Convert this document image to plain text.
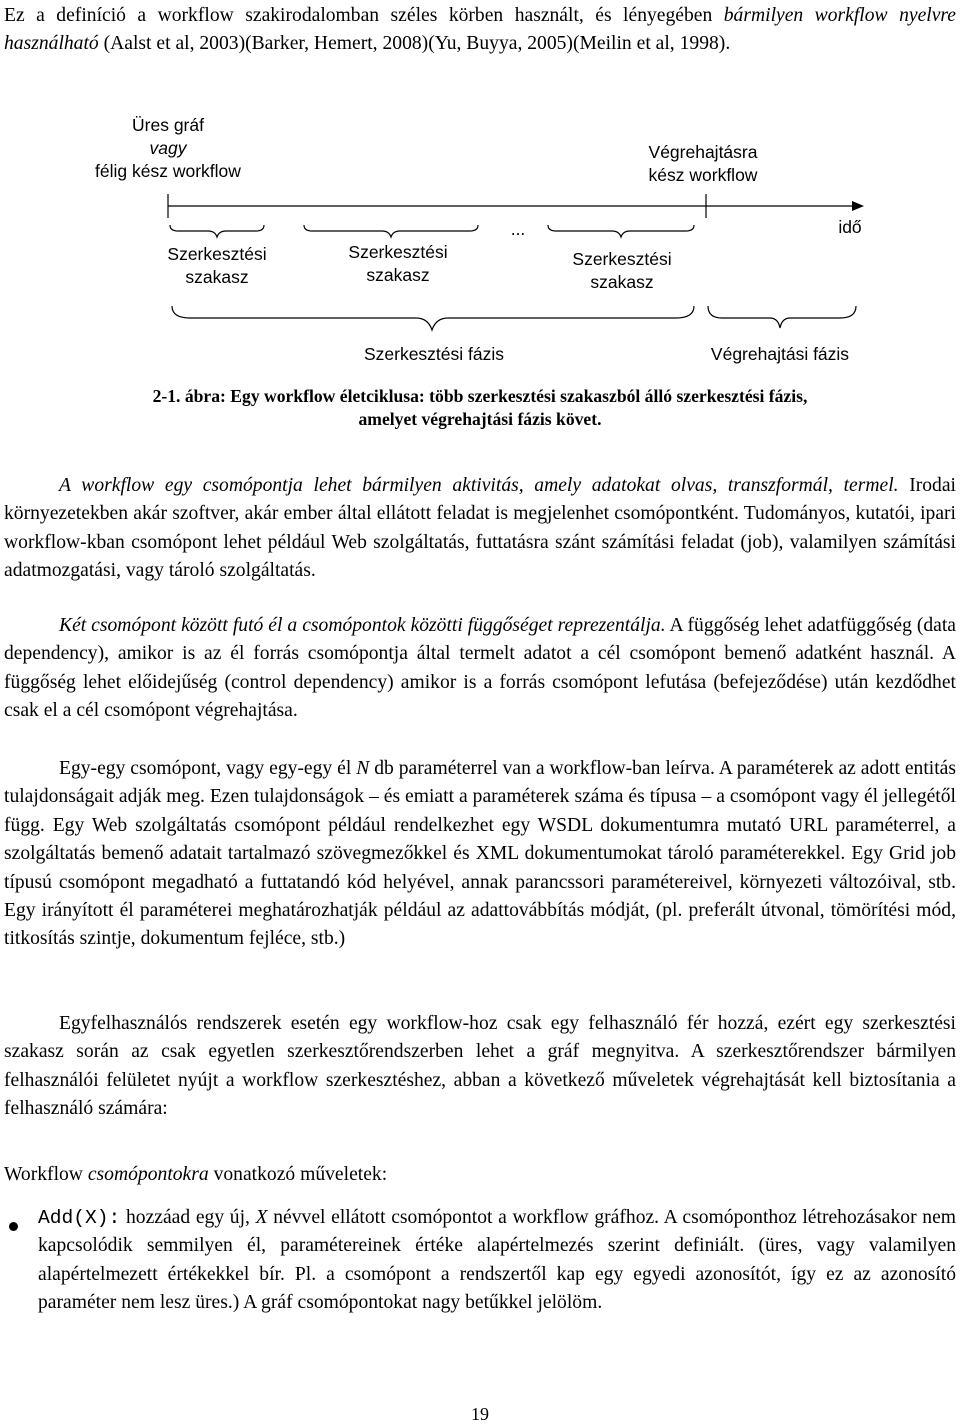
Ez a definíció a workflow szakirodalomban széles körben használt, és lényegében bármilyen workflow nyelvre használható (Aalst et al, 2003)(Barker, Hemert, 2008)(Yu, Buyya, 2005)(Meilin et al, 1998).

Üres gráf
vagy
félig kész workflow
Végrehajtásra
kész workflow
idő
...
Szerkesztési
szakasz
Szerkesztési
szakasz
Szerkesztési
szakasz
Szerkesztési fázis	Végrehajtási fázis
2-1. ábra: Egy workflow életciklusa: több szerkesztési szakaszból álló szerkesztési fázis,
amelyet végrehajtási fázis követ.

A workflow egy csomópontja lehet bármilyen aktivitás, amely adatokat olvas, transzformál, termel. Irodai környezetekben akár szoftver, akár ember által ellátott feladat is megjelenhet csomópontként. Tudományos, kutatói, ipari workflow-kban csomópont lehet például Web szolgáltatás, futtatásra szánt számítási feladat (job), valamilyen számítási adatmozgatási, vagy tároló szolgáltatás.

Két csomópont között futó él a csomópontok közötti függőséget reprezentálja. A függőség lehet adatfüggőség (data dependency), amikor is az él forrás csomópontja által termelt adatot a cél csomópont bemenő adatként használ. A függőség lehet előidejűség (control dependency) amikor is a forrás csomópont lefutása (befejeződése) után kezdődhet csak el a cél csomópont végrehajtása.

Egy-egy csomópont, vagy egy-egy él N db paraméterrel van a workflow-ban leírva. A paraméterek az adott entitás tulajdonságait adják meg. Ezen tulajdonságok – és emiatt a paraméterek száma és típusa – a csomópont vagy él jellegétől függ. Egy Web szolgáltatás csomópont például rendelkezhet egy WSDL dokumentumra mutató URL paraméterrel, a szolgáltatás bemenő adatait tartalmazó szövegmezőkkel és XML dokumentumokat tároló paraméterekkel. Egy Grid job típusú csomópont megadható a futtatandó kód helyével, annak parancssori paramétereivel, környezeti változóival, stb. Egy irányított él paraméterei meghatározhatják például az adattovábbítás módját, (pl. preferált útvonal, tömörítési mód, titkosítás szintje, dokumentum fejléce, stb.)

Egyfelhasználós rendszerek esetén egy workflow-hoz csak egy felhasználó fér hozzá, ezért egy szerkesztési szakasz során az csak egyetlen szerkesztőrendszerben lehet a gráf megnyitva. A szerkesztőrendszer bármilyen felhasználói felületet nyújt a workflow szerkesztéshez, abban a következő műveletek végrehajtását kell biztosítania a felhasználó számára:

Workflow csomópontokra vonatkozó műveletek:

Add(X): hozzáad egy új, X névvel ellátott csomópontot a workflow gráfhoz. A csomóponthoz létrehozásakor nem kapcsolódik semmilyen él, paramétereinek értéke alapértelmezés szerint definiált. (üres, vagy valamilyen alapértelmezett értékekkel bír. Pl. a csomópont a rendszertől kap egy egyedi azonosítót, így ez az azonosító paraméter nem lesz üres.) A gráf csomópontokat nagy betűkkel jelölöm.

19
